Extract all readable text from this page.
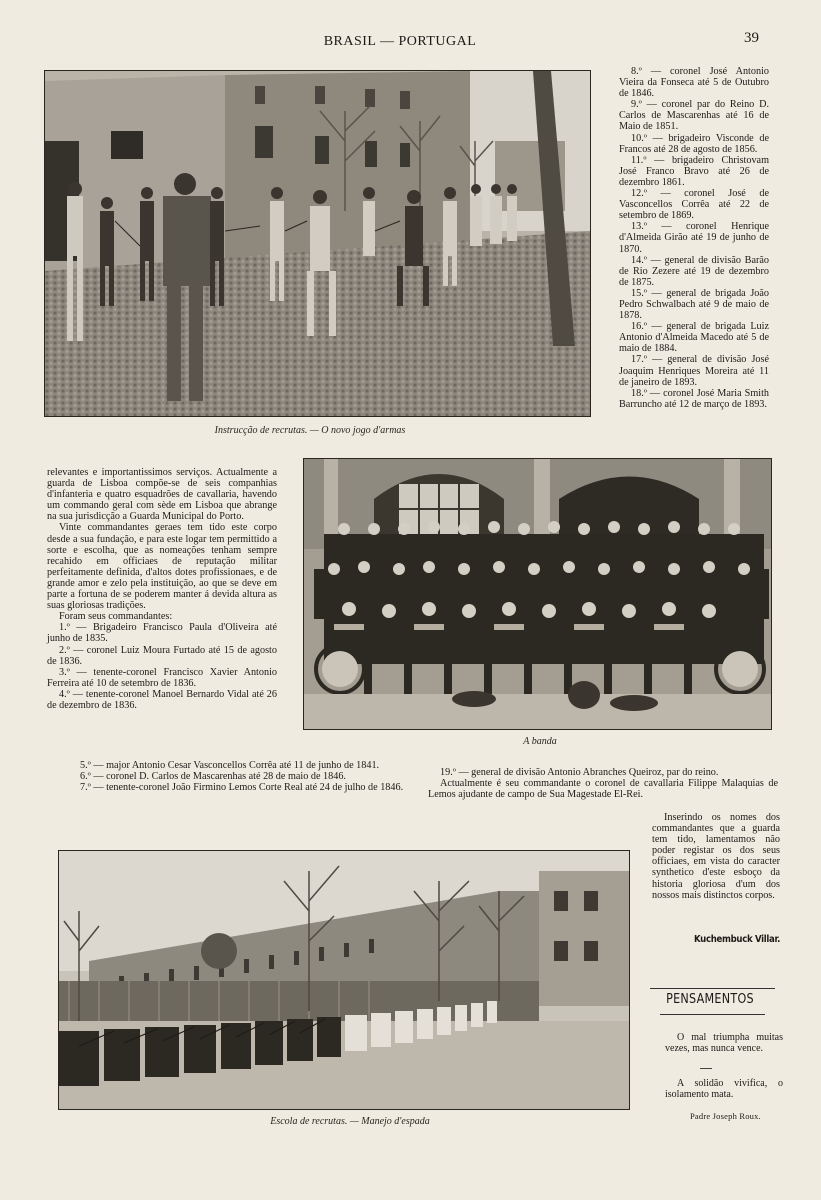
BRASIL — PORTUGAL	39
Instrucção de recrutas. — O novo jogo d'armas

8.º — coronel José Antonio Vieira da Fonseca até 5 de Outubro de 1846.

9.º — coronel par do Reino D. Carlos de Mascarenhas até 16 de Maio de 1851.

10.º — brigadeiro Visconde de Francos até 28 de agosto de 1856.

11.º — brigadeiro Christovam José Franco Bravo até 26 de dezembro 1861.

12.º — coronel José de Vasconcellos Corrêa até 22 de setembro de 1869.

13.º — coronel Henrique d'Almeida Girão até 19 de junho de 1870.

14.º — general de divisão Barão de Rio Zezere até 19 de dezembro de 1875.

15.º — general de brigada João Pedro Schwalbach até 9 de maio de 1878.

16.º — general de brigada Luiz Antonio d'Almeida Macedo até 5 de maio de 1884.

17.º — general de divisão José Joaquim Henriques Moreira até 11 de janeiro de 1893.

18.º — coronel José Maria Smith Barruncho até 12 de março de 1893.

A banda

relevantes e importantissimos serviços. Actualmente a guarda de Lisboa compõe-se de seis companhias d'infanteria e quatro esquadrões de cavallaria, havendo um commando geral com sède em Lisboa que abrange na sua jurisdicção a Guarda Municipal do Porto.

Vinte commandantes geraes tem tido este corpo desde a sua fundação, e para este logar tem permittido a sorte e escolha, que as nomeações tenham sempre recahido em officiaes de reputação militar perfeitamente definida, d'altos dotes profissionaes, e de grande amor e zelo pela instituição, ao que se deve em parte a fortuna de se poderem manter á devida altura as suas gloriosas tradições.

Foram seus commandantes:

1.º — Brigadeiro Francisco Paula d'Oliveira até junho de 1835.

2.º — coronel Luiz Moura Furtado até 15 de agosto de 1836.

3.º — tenente-coronel Francisco Xavier Antonio Ferreira até 10 de setembro de 1836.

4.º — tenente-coronel Manoel Bernardo Vidal até 26 de dezembro de 1836.

5.º — major Antonio Cesar Vasconcellos Corrêa até 11 de junho de 1841.

6.º — coronel D. Carlos de Mascarenhas até 28 de maio de 1846.

7.º — tenente-coronel João Firmino Lemos Corte Real até 24 de julho de 1846.

19.º — general de divisão Antonio Abranches Queiroz, par do reino.

Actualmente é seu commandante o coronel de cavallaria Filippe Malaquias de Lemos ajudante de campo de Sua Magestade El-Rei.

Inserindo os nomes dos commandantes que a guarda tem tido, lamentamos não poder registar os dos seus officiaes, em vista do caracter synthetico d'este esboço da historia gloriosa d'um dos nossos mais distinctos corpos.

Kuchembuck Villar.
Escola de recrutas. — Manejo d'espada
PENSAMENTOS

O mal triumpha muitas vezes, mas nunca vence.

A solidão vivifica, o isolamento mata.

Padre Joseph Roux.
